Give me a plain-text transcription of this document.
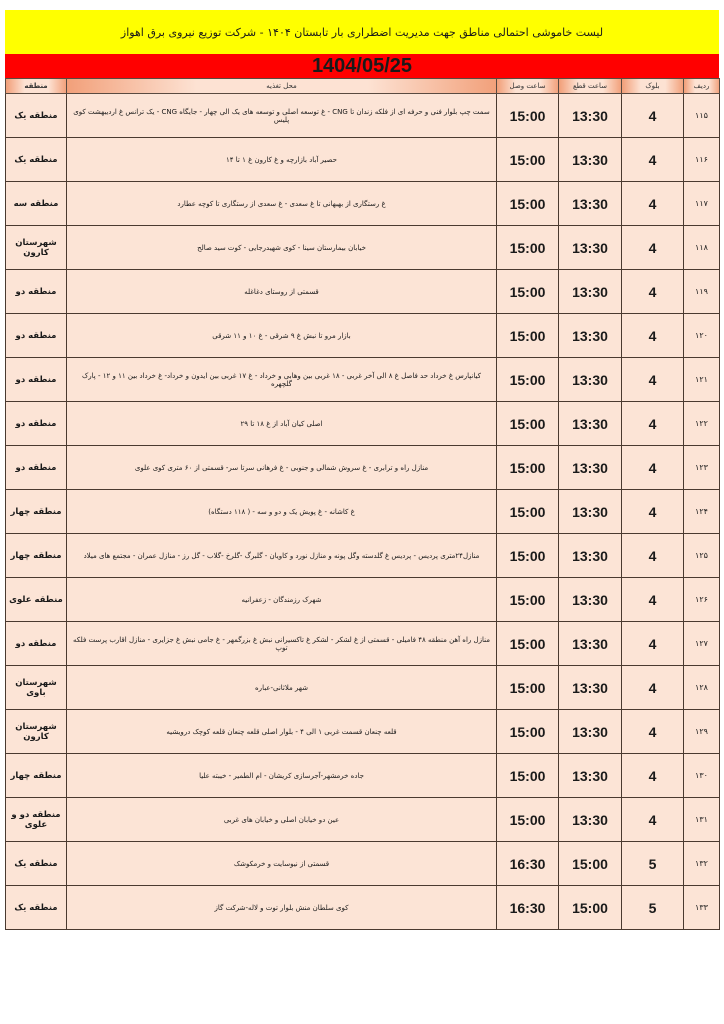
لیست خاموشی احتمالی مناطق جهت مدیریت اضطراری بار تابستان ۱۴۰۴ - شرکت توزیع نیروی برق اهواز
1404/05/25
ردیف	بلوک	ساعت قطع	ساعت وصل	محل تغذیه	منطقه
۱۱۵	4	13:30	15:00	سمت چپ بلوار فنی و حرفه ای از فلکه زندان تا CNG - غ توسعه اصلی و توسعه های یک الی چهار - جایگاه CNG - یک ترانس غ اردیبهشت کوی پلیس	منطقه یک
۱۱۶	4	13:30	15:00	حصیر آباد بازارچه و غ کارون غ ۱ تا ۱۴	منطقه یک
۱۱۷	4	13:30	15:00	غ رستگاری از بهبهانی تا غ سعدی - غ سعدی از رستگاری تا کوچه عطارد	منطقه سه
۱۱۸	4	13:30	15:00	خیابان بیمارستان سینا - کوی شهیدرجایی - کوت سید صالح	شهرستان کارون
۱۱۹	4	13:30	15:00	قسمتی از روستای دغاغله	منطقه دو
۱۲۰	4	13:30	15:00	بازار مرو تا نبش غ ۹ شرقی - غ ۱۰ و ۱۱ شرقی	منطقه دو
۱۲۱	4	13:30	15:00	کیانپارس غ خرداد حد فاصل غ ۸ الی آخر غربی - ۱۸ غربی بین وهابی و خرداد - غ ۱۷ غربی بین ایدون و خرداد- غ خرداد بین ۱۱ و ۱۲ - پارک گلچهره	منطقه دو
۱۲۲	4	13:30	15:00	اصلی کیان آباد از غ ۱۸ تا ۲۹	منطقه دو
۱۲۳	4	13:30	15:00	منازل راه و ترابری - غ سروش شمالی و جنوبی - غ فرهانی سرتا سر- قسمتی از ۶۰ متری کوی علوی	منطقه دو
۱۲۴	4	13:30	15:00	غ کاشانه - غ پویش یک و دو و سه - ( ۱۱۸ دستگاه)	منطقه چهار
۱۲۵	4	13:30	15:00	منازل۲۴متری پردیس - پردیس غ گلدسته وگل پونه و منازل نورد و کاویان - گلبرگ -گلرخ -گلاب - گل رز - منازل عمران - مجتمع های میلاد	منطقه چهار
۱۲۶	4	13:30	15:00	شهرک رزمندگان - زعفرانیه	منطقه علوی
۱۲۷	4	13:30	15:00	منازل راه آهن منطقه ۴۸ فامیلی - قسمتی از غ لشکر - لشکر غ تاکسیرانی نبش غ بزرگمهر - غ جامی نبش غ جزایری - منازل اقارب پرست فلکه توپ	منطقه دو
۱۲۸	4	13:30	15:00	شهر ملاثانی-عباره	شهرستان باوی
۱۲۹	4	13:30	15:00	قلعه چنعان قسمت غربی ۱ الی ۴ - بلوار اصلی قلعه چنعان قلعه کوچک درویشیه	شهرستان کارون
۱۳۰	4	13:30	15:00	جاده خرمشهر-آجرسازی کریشان - ام الطمیر - خیبته علیا	منطقه چهار
۱۳۱	4	13:30	15:00	عین دو خیابان اصلی و خیابان های غربی	منطقه دو و علوی
۱۳۲	5	15:00	16:30	قسمتی از نیوسایت و خرمکوشک	منطقه یک
۱۳۳	5	15:00	16:30	کوی سلطان منش بلوار توت و لاله-شرکت گاز	منطقه یک
